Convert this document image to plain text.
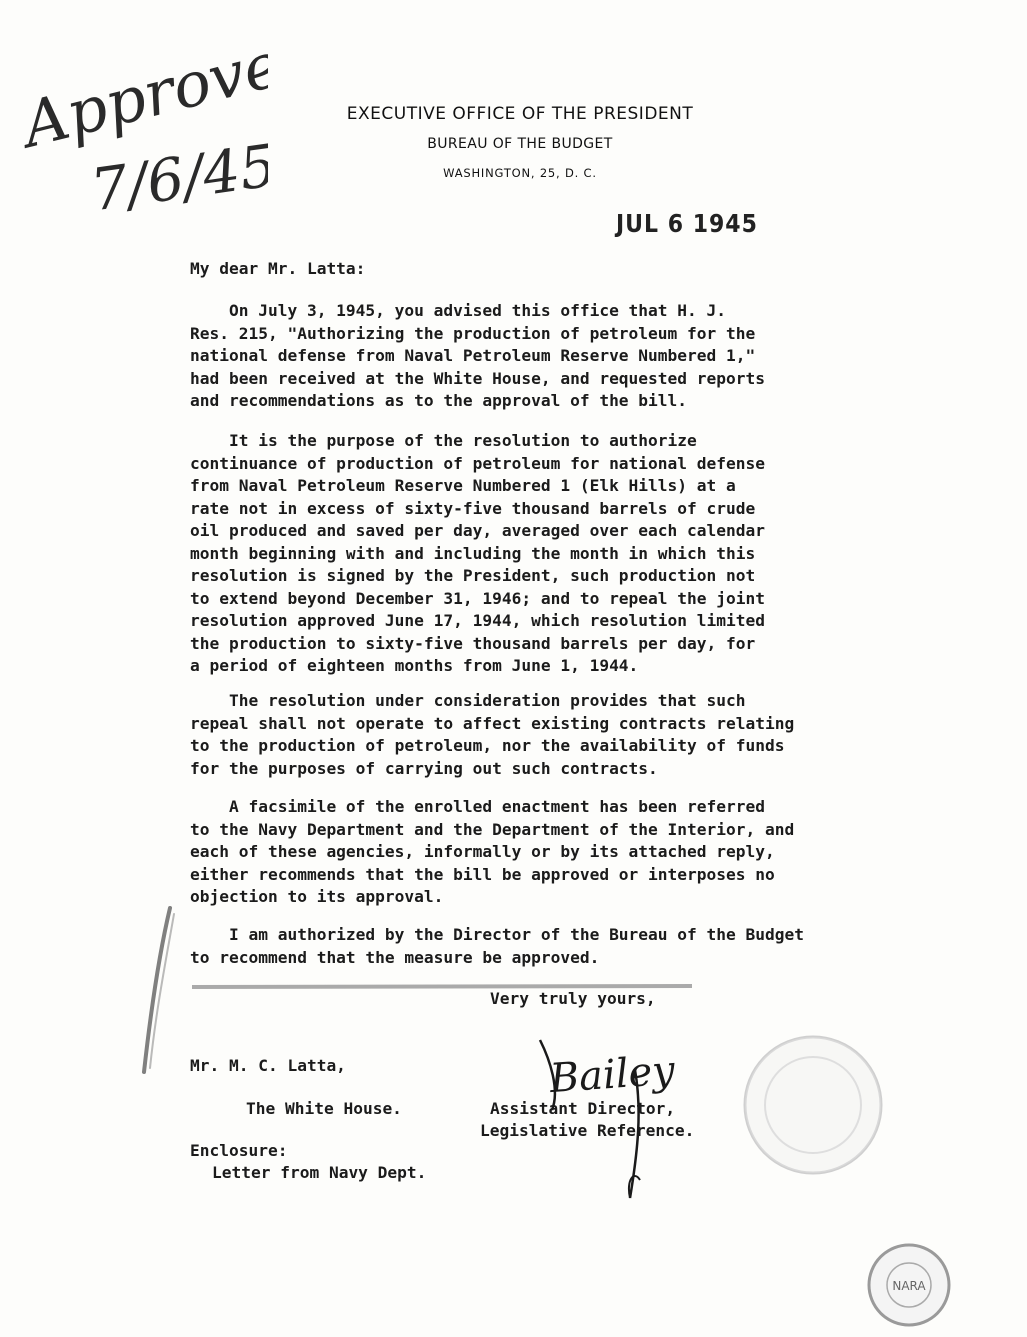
Approved
7/6/45
EXECUTIVE OFFICE OF THE PRESIDENT
BUREAU OF THE BUDGET
WASHINGTON, 25, D. C.
JUL 6 1945
My dear Mr. Latta:
On July 3, 1945, you advised this office that H. J.
Res. 215, "Authorizing the production of petroleum for the
national defense from Naval Petroleum Reserve Numbered 1,"
had been received at the White House, and requested reports
and recommendations as to the approval of the bill.
It is the purpose of the resolution to authorize
continuance of production of petroleum for national defense
from Naval Petroleum Reserve Numbered 1 (Elk Hills) at a
rate not in excess of sixty-five thousand barrels of crude
oil produced and saved per day, averaged over each calendar
month beginning with and including the month in which this
resolution is signed by the President, such production not
to extend beyond December 31, 1946; and to repeal the joint
resolution approved June 17, 1944, which resolution limited
the production to sixty-five thousand barrels per day, for
a period of eighteen months from June 1, 1944.
The resolution under consideration provides that such
repeal shall not operate to affect existing contracts relating
to the production of petroleum, nor the availability of funds
for the purposes of carrying out such contracts.
A facsimile of the enrolled enactment has been referred
to the Navy Department and the Department of the Interior, and
each of these agencies, informally or by its attached reply,
either recommends that the bill be approved or interposes no
objection to its approval.
I am authorized by the Director of the Bureau of the Budget
to recommend that the measure be approved.
Very truly yours,
Bailey
Mr. M. C. Latta,
The White House.	Assistant Director,
Legislative Reference.
Enclosure:
Letter from Navy Dept.
NARA
